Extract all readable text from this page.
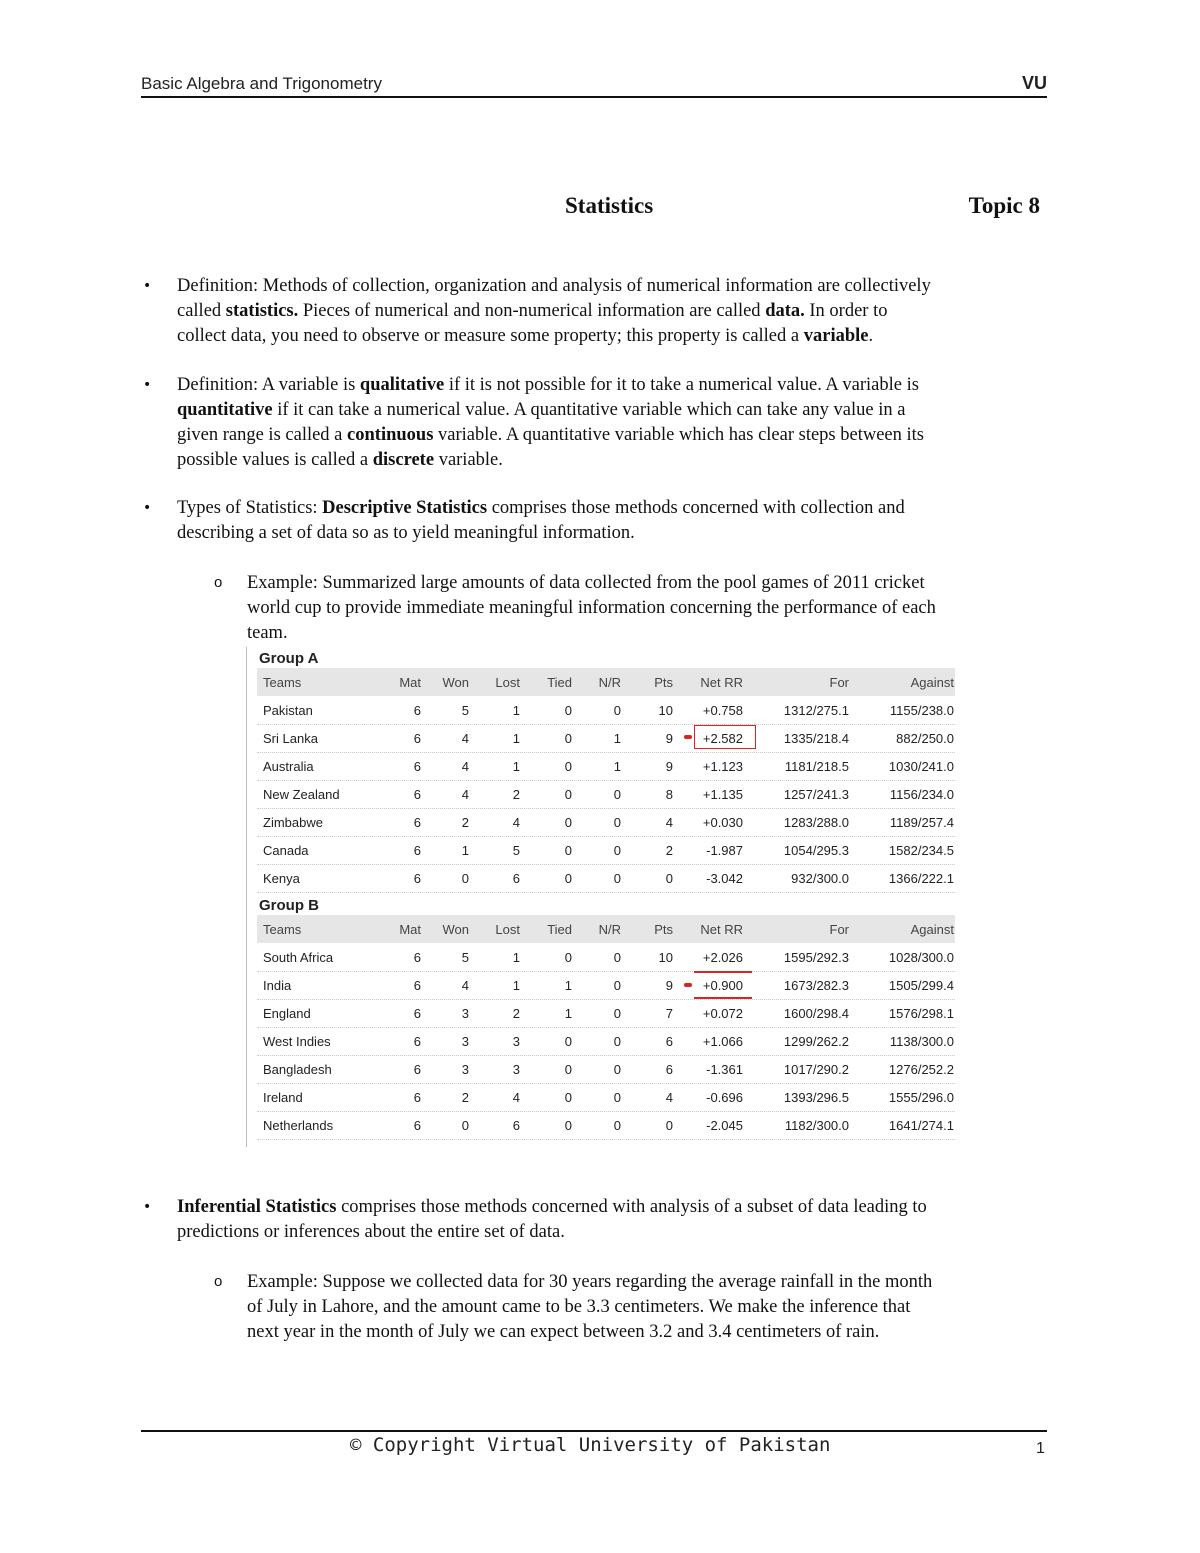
Basic Algebra and Trigonometry	VU
Statistics	Topic 8
• Definition: Methods of collection, organization and analysis of numerical information are collectively
called statistics. Pieces of numerical and non-numerical information are called data. In order to
collect data, you need to observe or measure some property; this property is called a variable.
• Definition: A variable is qualitative if it is not possible for it to take a numerical value. A variable is
quantitative if it can take a numerical value. A quantitative variable which can take any value in a
given range is called a continuous variable. A quantitative variable which has clear steps between its
possible values is called a discrete variable.
• Types of Statistics: Descriptive Statistics comprises those methods concerned with collection and
describing a set of data so as to yield meaningful information.
o Example: Summarized large amounts of data collected from the pool games of 2011 cricket
world cup to provide immediate meaningful information concerning the performance of each
team.
Group A
Group B
Teams	Mat	Won	Lost	Tied	N/R	Pts	Net RR	For	Against
Pakistan	6	5	1	0	0	10	+0.758	1312/275.1	1155/238.0
Sri Lanka	6	4	1	0	1	9	+2.582	1335/218.4	882/250.0
Australia	6	4	1	0	1	9	+1.123	1181/218.5	1030/241.0
New Zealand	6	4	2	0	0	8	+1.135	1257/241.3	1156/234.0
Zimbabwe	6	2	4	0	0	4	+0.030	1283/288.0	1189/257.4
Canada	6	1	5	0	0	2	-1.987	1054/295.3	1582/234.5
Kenya	6	0	6	0	0	0	-3.042	932/300.0	1366/222.1
Teams	Mat	Won	Lost	Tied	N/R	Pts	Net RR	For	Against
South Africa	6	5	1	0	0	10	+2.026	1595/292.3	1028/300.0
India	6	4	1	1	0	9	+0.900	1673/282.3	1505/299.4
England	6	3	2	1	0	7	+0.072	1600/298.4	1576/298.1
West Indies	6	3	3	0	0	6	+1.066	1299/262.2	1138/300.0
Bangladesh	6	3	3	0	0	6	-1.361	1017/290.2	1276/252.2
Ireland	6	2	4	0	0	4	-0.696	1393/296.5	1555/296.0
Netherlands	6	0	6	0	0	0	-2.045	1182/300.0	1641/274.1
• Inferential Statistics comprises those methods concerned with analysis of a subset of data leading to
predictions or inferences about the entire set of data.
o Example: Suppose we collected data for 30 years regarding the average rainfall in the month
of July in Lahore, and the amount came to be 3.3 centimeters. We make the inference that
next year in the month of July we can expect between 3.2 and 3.4 centimeters of rain.
© Copyright Virtual University of Pakistan	1
